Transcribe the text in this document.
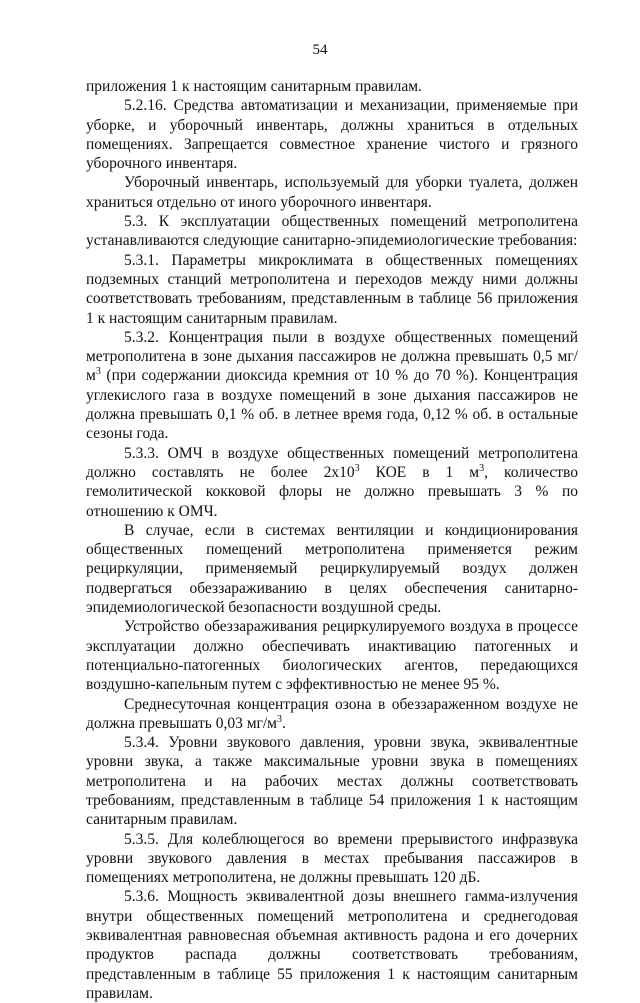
54

приложения 1 к настоящим санитарным правилам.

5.2.16. Средства автоматизации и механизации, применяемые при уборке, и уборочный инвентарь, должны храниться в отдельных помещениях. Запрещается совместное хранение чистого и грязного уборочного инвентаря.

Уборочный инвентарь, используемый для уборки туалета, должен храниться отдельно от иного уборочного инвентаря.

5.3. К эксплуатации общественных помещений метрополитена устанавливаются следующие санитарно-эпидемиологические требования:

5.3.1. Параметры микроклимата в общественных помещениях подземных станций метрополитена и переходов между ними должны соответствовать требованиям, представленным в таблице 56 приложения 1 к настоящим санитарным правилам.

5.3.2. Концентрация пыли в воздухе общественных помещений метрополитена в зоне дыхания пассажиров не должна превышать 0,5 $мг/м^3$ (при содержании диоксида кремния от 10 % до 70 %). Концентрация углекислого газа в воздухе помещений в зоне дыхания пассажиров не должна превышать 0,1 % об. в летнее время года, 0,12 % об. в остальные сезоны года.

5.3.3. ОМЧ в воздухе общественных помещений метрополитена должно составлять не более $2х10^3$ КОЕ в 1 $м^3$, количество гемолитической кокковой флоры не должно превышать 3 % по отношению к ОМЧ.

В случае, если в системах вентиляции и кондиционирования общественных помещений метрополитена применяется режим рециркуляции, применяемый рециркулируемый воздух должен подвергаться обеззараживанию в целях обеспечения санитарно-эпидемиологической безопасности воздушной среды.

Устройство обеззараживания рециркулируемого воздуха в процессе эксплуатации должно обеспечивать инактивацию патогенных и потенциально-патогенных биологических агентов, передающихся воздушно-капельным путем с эффективностью не менее 95 %.

Среднесуточная концентрация озона в обеззараженном воздухе не должна превышать 0,03 $мг/м^3$.

5.3.4. Уровни звукового давления, уровни звука, эквивалентные уровни звука, а также максимальные уровни звука в помещениях метрополитена и на рабочих местах должны соответствовать требованиям, представленным в таблице 54 приложения 1 к настоящим санитарным правилам.

5.3.5. Для колеблющегося во времени прерывистого инфразвука уровни звукового давления в местах пребывания пассажиров в помещениях метрополитена, не должны превышать 120 дБ.

5.3.6. Мощность эквивалентной дозы внешнего гамма-излучения внутри общественных помещений метрополитена и среднегодовая эквивалентная равновесная объемная активность радона и его дочерних продуктов распада должны соответствовать требованиям, представленным в таблице 55 приложения 1 к настоящим санитарным правилам.
